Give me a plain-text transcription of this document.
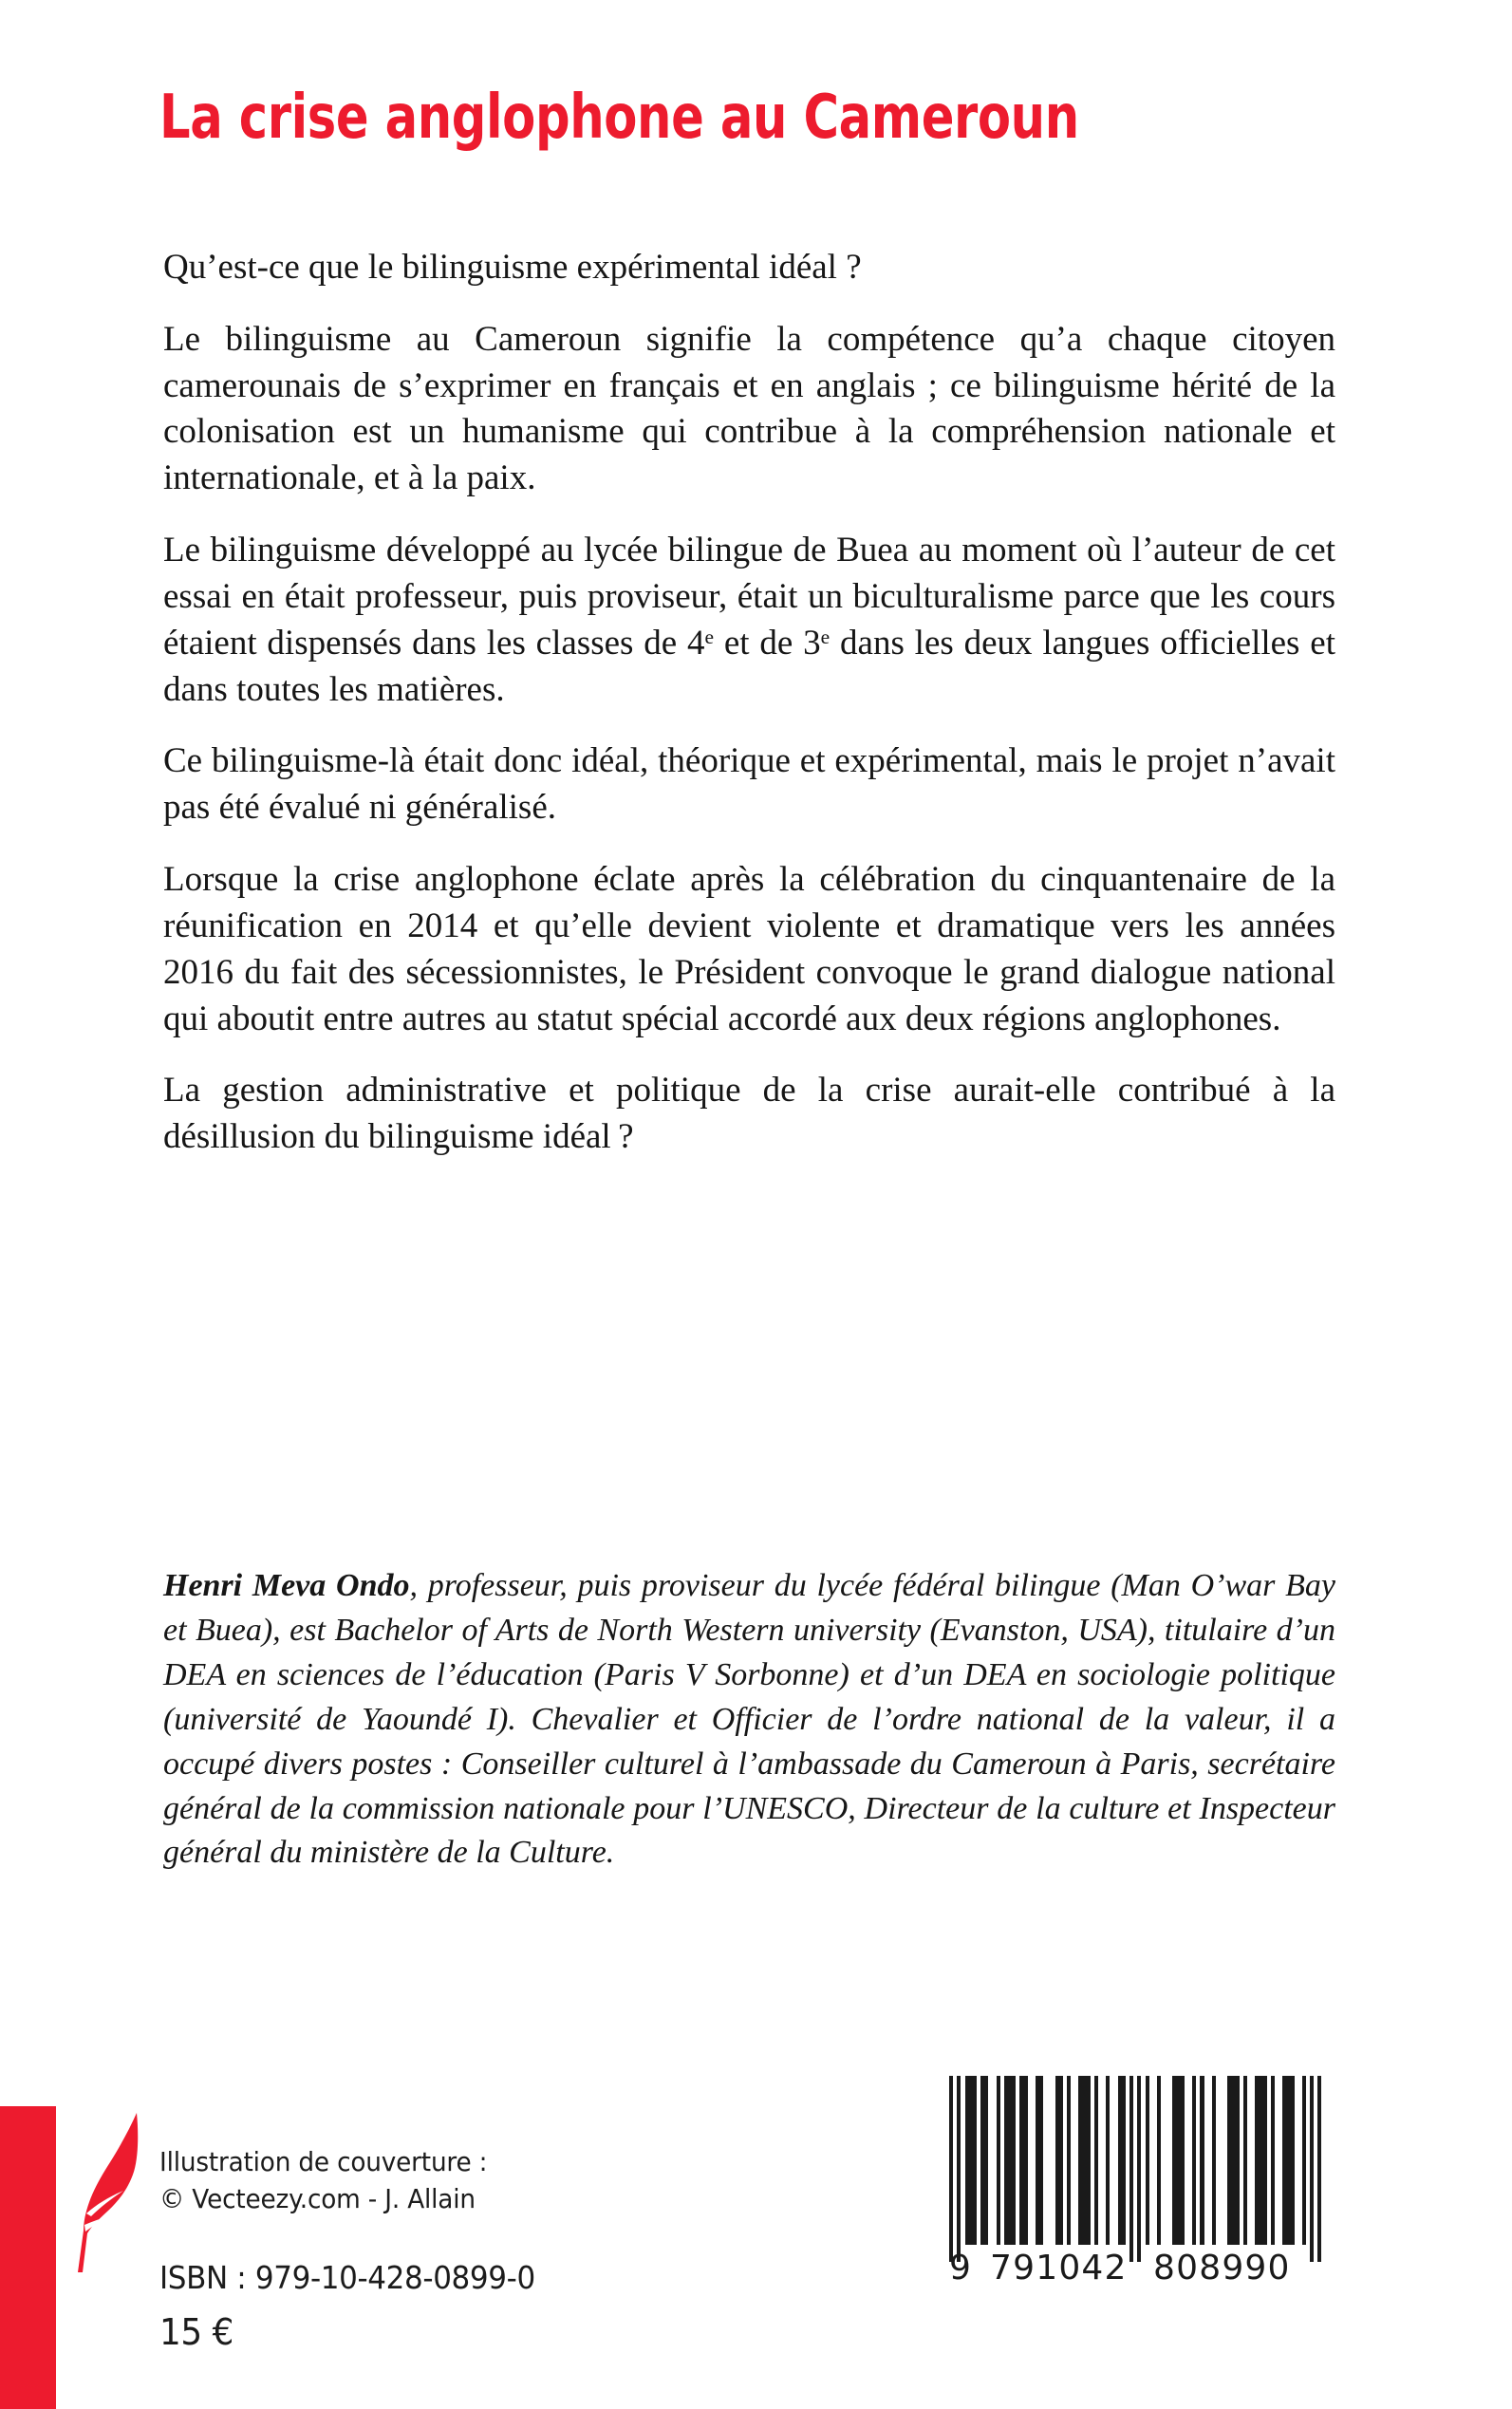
La crise anglophone au Cameroun

Qu’est-ce que le bilinguisme expérimental idéal ?

Le bilinguisme au Cameroun signifie la compétence qu’a chaque citoyen camerounais de s’exprimer en français et en anglais ; ce bilinguisme hérité de la colonisation est un humanisme qui contribue à la compréhension nationale et internationale, et à la paix.

Le bilinguisme développé au lycée bilingue de Buea au moment où l’auteur de cet essai en était professeur, puis proviseur, était un biculturalisme parce que les cours étaient dispensés dans les classes de 4e et de 3e dans les deux langues officielles et dans toutes les matières.

Ce bilinguisme-là était donc idéal, théorique et expérimental, mais le projet n’avait pas été évalué ni généralisé.

Lorsque la crise anglophone éclate après la célébration du cinquantenaire de la réunification en 2014 et qu’elle devient violente et dramatique vers les années 2016 du fait des sécessionnistes, le Président convoque le grand dialogue national qui aboutit entre autres au statut spécial accordé aux deux régions anglophones.

La gestion administrative et politique de la crise aurait-elle contribué à la désillusion du bilinguisme idéal ?

Henri Meva Ondo, professeur, puis proviseur du lycée fédéral bilingue (Man O’war Bay et Buea), est Bachelor of Arts de North Western university (Evanston, USA), titulaire d’un DEA en sciences de l’éducation (Paris V Sorbonne) et d’un DEA en sociologie politique (université de Yaoundé I). Chevalier et Officier de l’ordre national de la valeur, il a occupé divers postes : Conseiller culturel à l’ambassade du Cameroun à Paris, secrétaire général de la commission nationale pour l’UNESCO, Directeur de la culture et Inspecteur général du ministère de la Culture.
Illustration de couverture :
© Vecteezy.com - J. Allain
ISBN : 979-10-428-0899-0
15 €
9 791042 808990
